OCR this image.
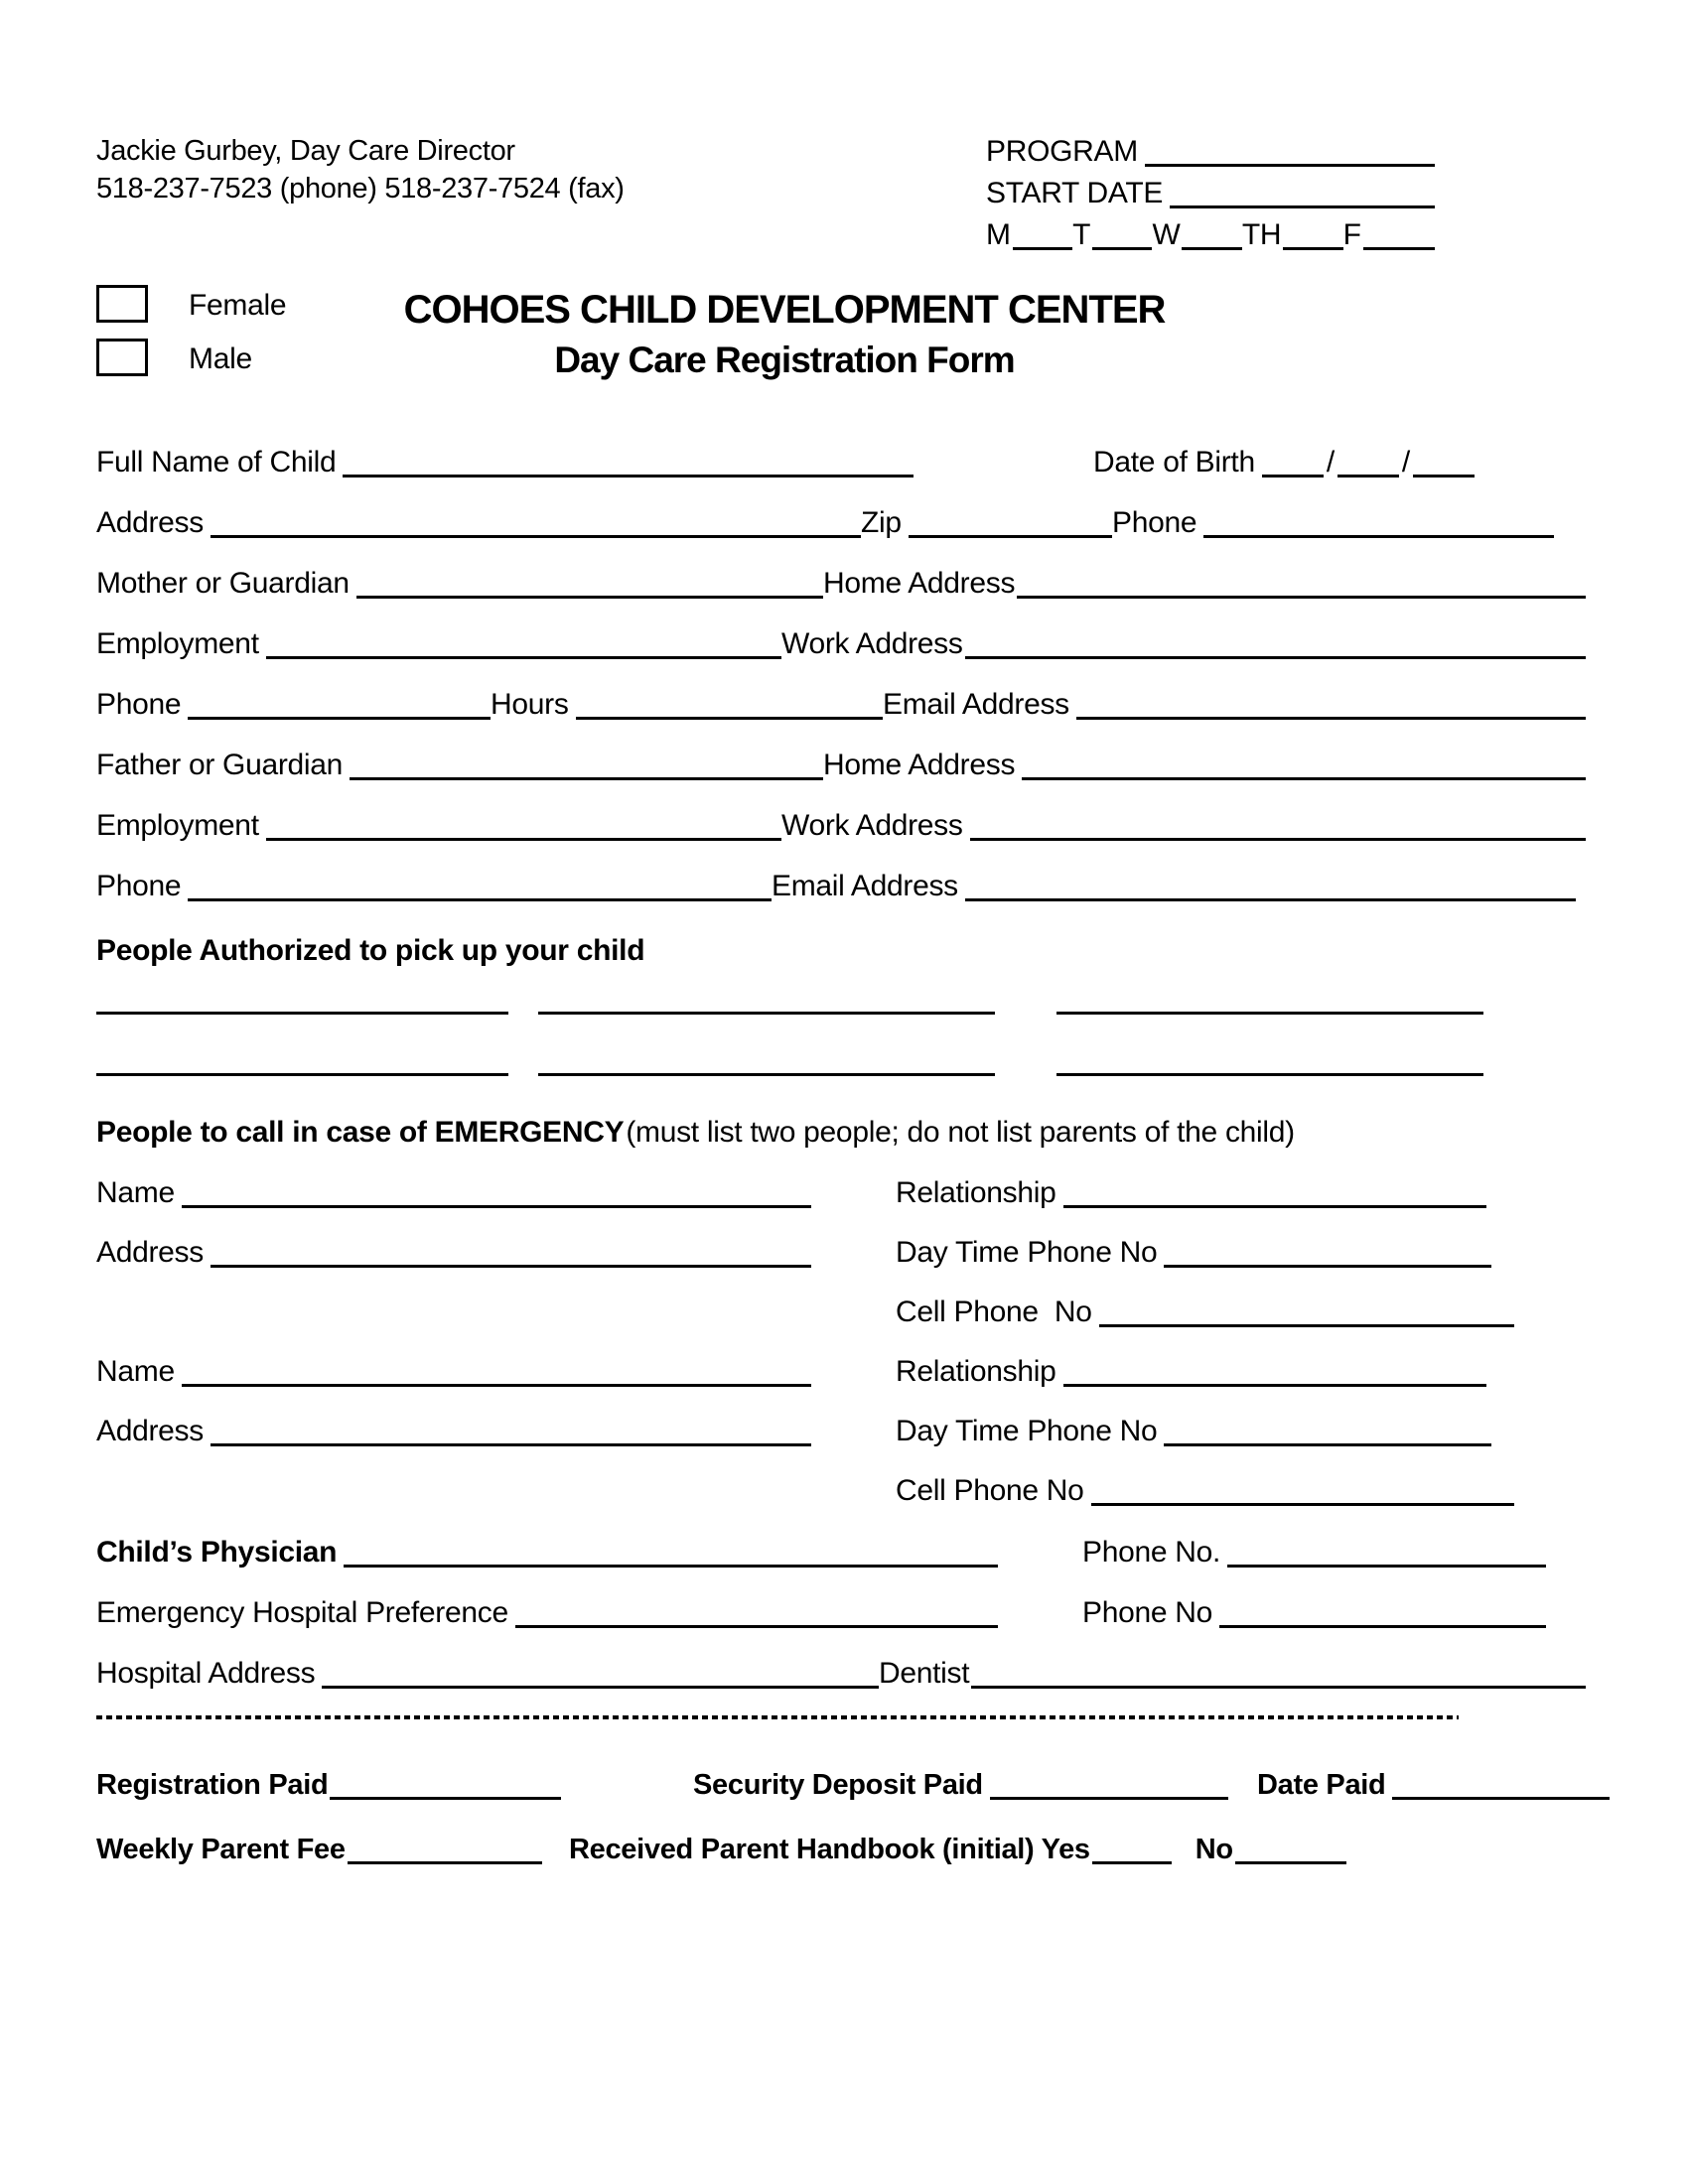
Jackie Gurbey, Day Care Director
518-237-7523 (phone) 518-237-7524 (fax)
PROGRAM
START DATE
M T W TH F
Female
Male
COHOES CHILD DEVELOPMENT CENTER
Day Care Registration Form
Full Name of Child	Date of Birth / /
Address	Zip	Phone
Mother or Guardian	Home Address
Employment	Work Address
Phone	Hours	Email Address
Father or Guardian	Home Address
Employment	Work Address
Phone	Email Address
People Authorized to pick up your child
People to call in case of EMERGENCY (must list two people; do not list parents of the child)
Name	Relationship
Address	Day Time Phone No
Cell Phone  No
Name	Relationship
Address	Day Time Phone No
Cell Phone No
Child’s Physician	Phone No.
Emergency Hospital Preference	Phone No
Hospital Address	Dentist
Registration Paid	Security Deposit Paid	Date Paid
Weekly Parent Fee	Received Parent Handbook (initial) Yes	No
